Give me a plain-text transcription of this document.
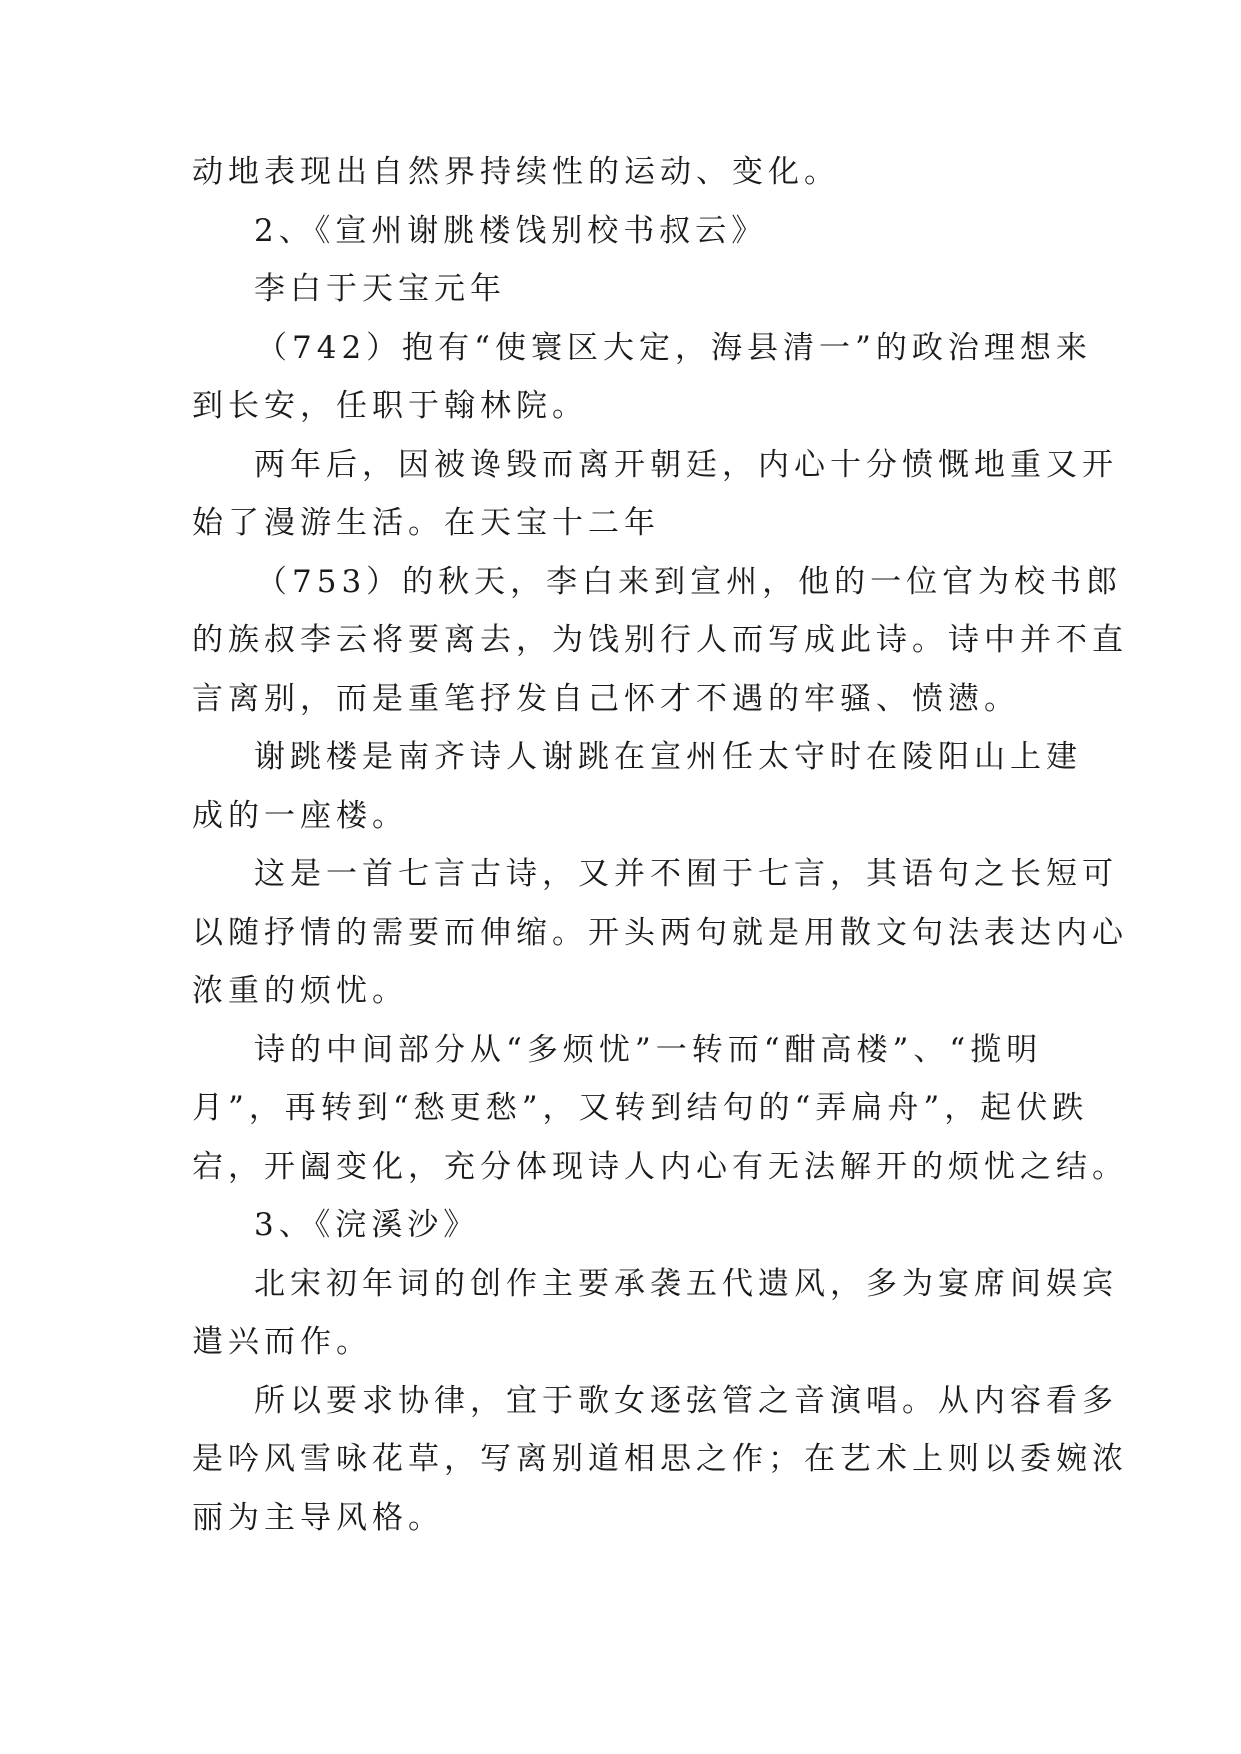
动地表现出自然界持续性的运动、变化。
2、《宣州谢朓楼饯别校书叔云》
李白于天宝元年
（742）抱有“使寰区大定，海县清一”的政治理想来
到长安，任职于翰林院。
两年后，因被谗毁而离开朝廷，内心十分愤慨地重又开
始了漫游生活。在天宝十二年
（753）的秋天，李白来到宣州，他的一位官为校书郎
的族叔李云将要离去，为饯别行人而写成此诗。诗中并不直
言离别，而是重笔抒发自己怀才不遇的牢骚、愤懑。
谢跳楼是南齐诗人谢跳在宣州任太守时在陵阳山上建
成的一座楼。
这是一首七言古诗，又并不囿于七言，其语句之长短可
以随抒情的需要而伸缩。开头两句就是用散文句法表达内心
浓重的烦忧。
诗的中间部分从“多烦忧”一转而“酣高楼”、“揽明
月”，再转到“愁更愁”，又转到结句的“弄扁舟”，起伏跌
宕，开阖变化，充分体现诗人内心有无法解开的烦忧之结。
3、《浣溪沙》
北宋初年词的创作主要承袭五代遗风，多为宴席间娱宾
遣兴而作。
所以要求协律，宜于歌女逐弦管之音演唱。从内容看多
是吟风雪咏花草，写离别道相思之作；在艺术上则以委婉浓
丽为主导风格。
